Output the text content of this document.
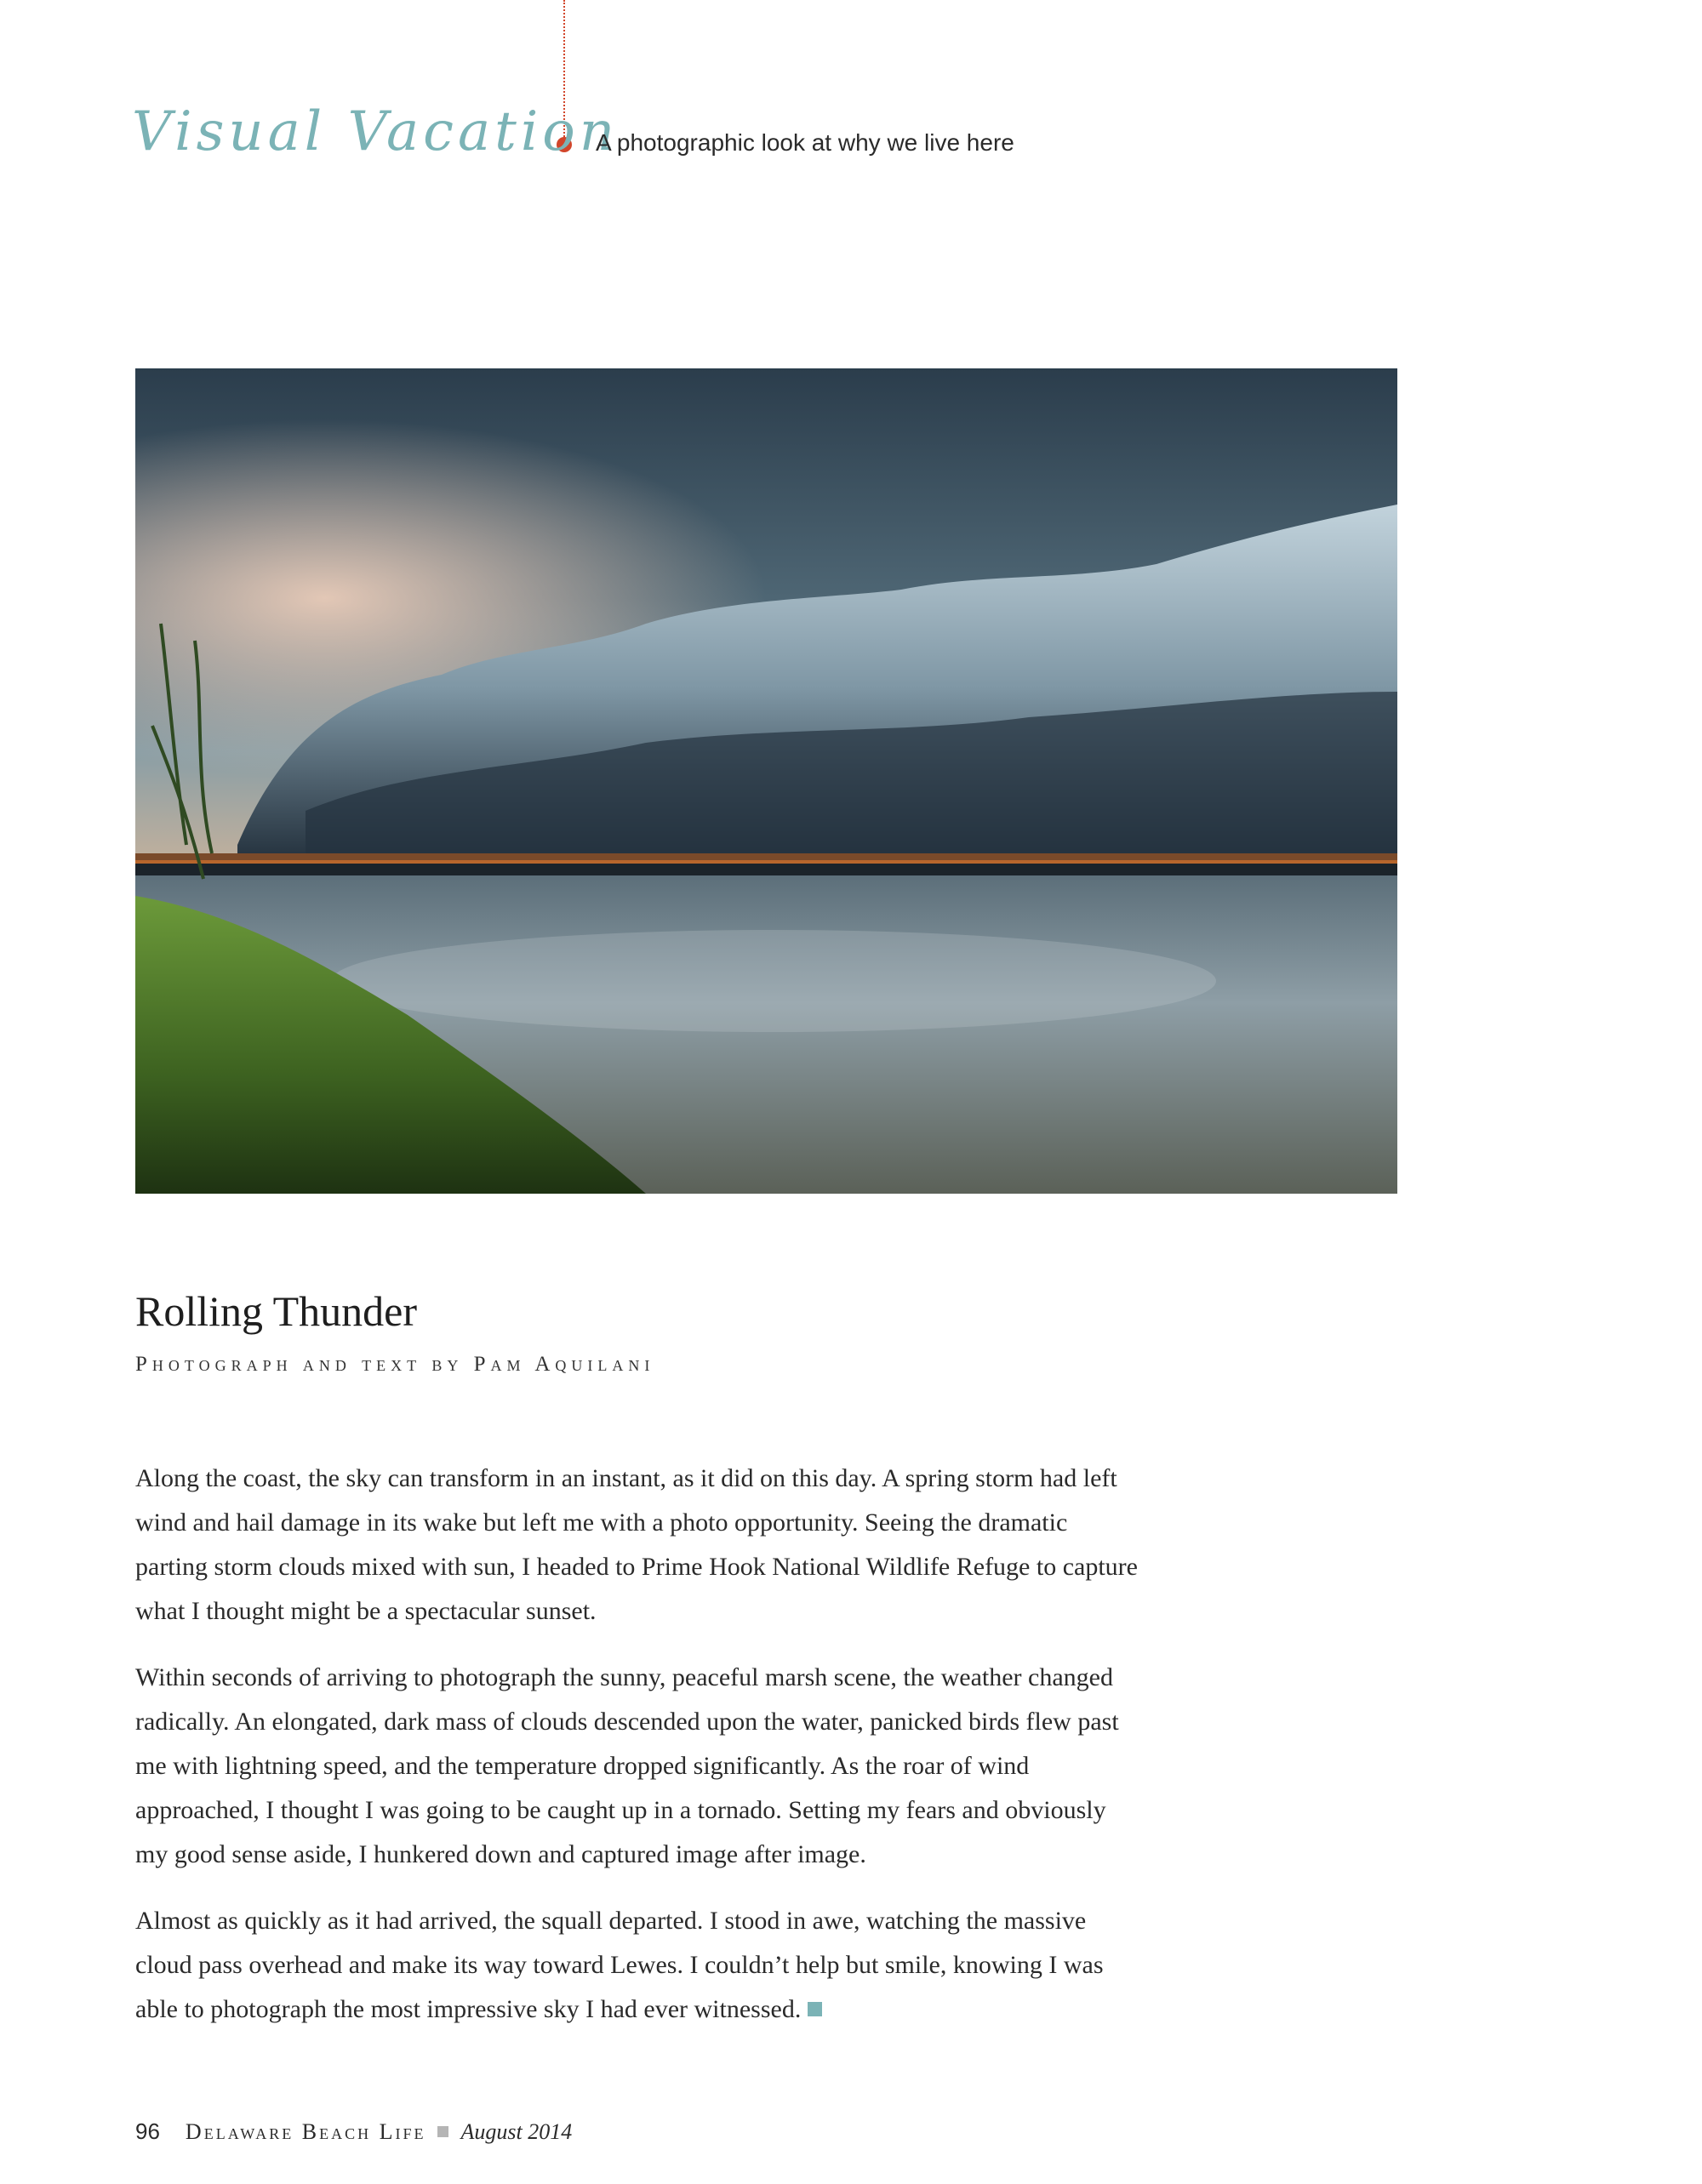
Visual Vacation
A photographic look at why we live here
Rolling Thunder
Photograph and text by Pam Aquilani

Along the coast, the sky can transform in an instant, as it did on this day. A spring storm had left wind and hail damage in its wake but left me with a photo opportunity. Seeing the dramatic parting storm clouds mixed with sun, I headed to Prime Hook National Wildlife Refuge to capture what I thought might be a spectacular sunset.

Within seconds of arriving to photograph the sunny, peaceful marsh scene, the weather changed radically. An elongated, dark mass of clouds descended upon the water, panicked birds flew past me with lightning speed, and the temperature dropped significantly. As the roar of wind approached, I thought I was going to be caught up in a tornado. Setting my fears and obviously my good sense aside, I hunkered down and captured image after image.

Almost as quickly as it had arrived, the squall departed. I stood in awe, watching the massive cloud pass overhead and make its way toward Lewes. I couldn’t help but smile, knowing I was able to photograph the most impressive sky I had ever witnessed.

96 Delaware Beach Life August 2014
